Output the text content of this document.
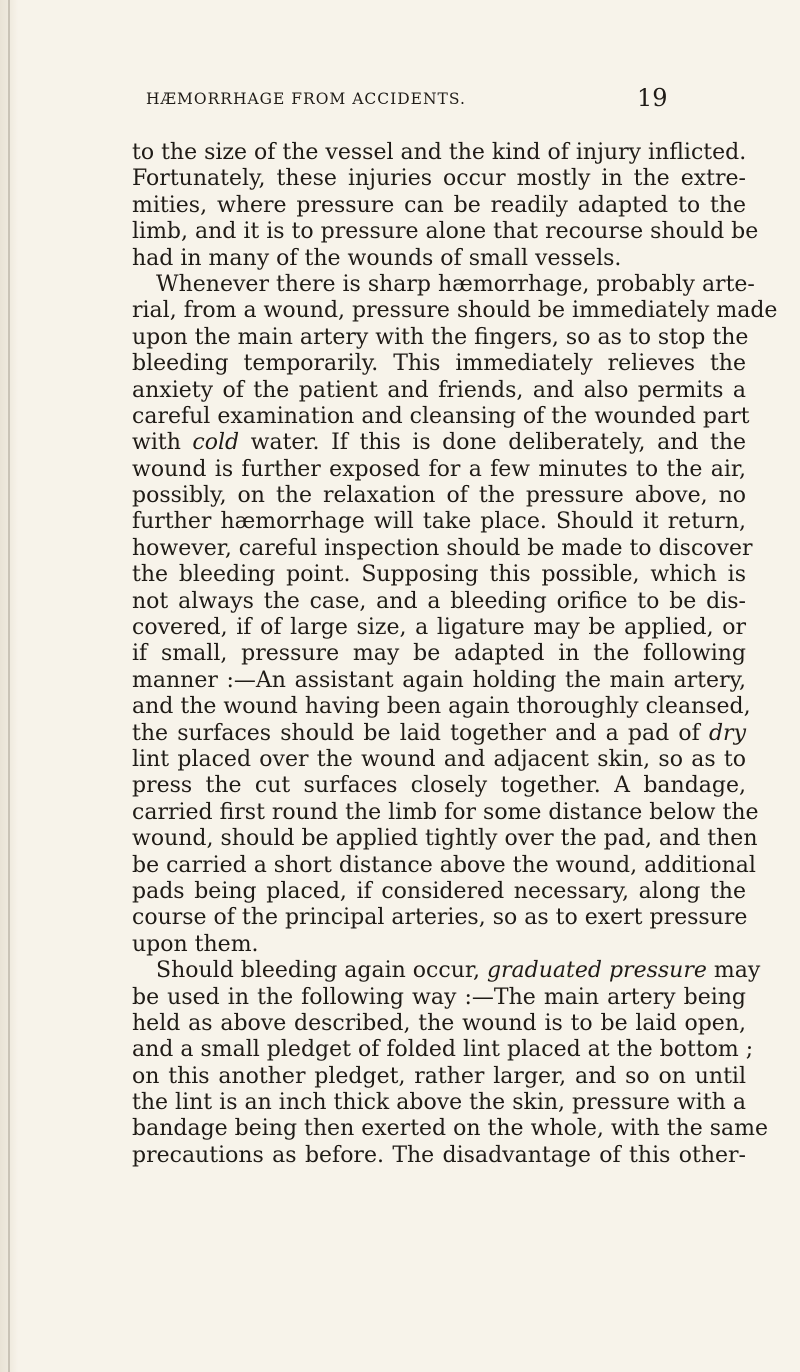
HÆMORRHAGE FROM ACCIDENTS.	19
to the size of the vessel and the kind of injury inflicted.
Fortunately, these injuries occur mostly in the extre-
mities, where pressure can be readily adapted to the
limb, and it is to pressure alone that recourse should be
had in many of the wounds of small vessels.
Whenever there is sharp hæmorrhage, probably arte-
rial, from a wound, pressure should be immediately made
upon the main artery with the fingers, so as to stop the
bleeding temporarily. This immediately relieves the
anxiety of the patient and friends, and also permits a
careful examination and cleansing of the wounded part
with cold water. If this is done deliberately, and the
wound is further exposed for a few minutes to the air,
possibly, on the relaxation of the pressure above, no
further hæmorrhage will take place. Should it return,
however, careful inspection should be made to discover
the bleeding point. Supposing this possible, which is
not always the case, and a bleeding orifice to be dis-
covered, if of large size, a ligature may be applied, or
if small, pressure may be adapted in the following
manner :—An assistant again holding the main artery,
and the wound having been again thoroughly cleansed,
the surfaces should be laid together and a pad of dry
lint placed over the wound and adjacent skin, so as to
press the cut surfaces closely together. A bandage,
carried first round the limb for some distance below the
wound, should be applied tightly over the pad, and then
be carried a short distance above the wound, additional
pads being placed, if considered necessary, along the
course of the principal arteries, so as to exert pressure
upon them.
Should bleeding again occur, graduated pressure may
be used in the following way :—The main artery being
held as above described, the wound is to be laid open,
and a small pledget of folded lint placed at the bottom ;
on this another pledget, rather larger, and so on until
the lint is an inch thick above the skin, pressure with a
bandage being then exerted on the whole, with the same
precautions as before. The disadvantage of this other-
